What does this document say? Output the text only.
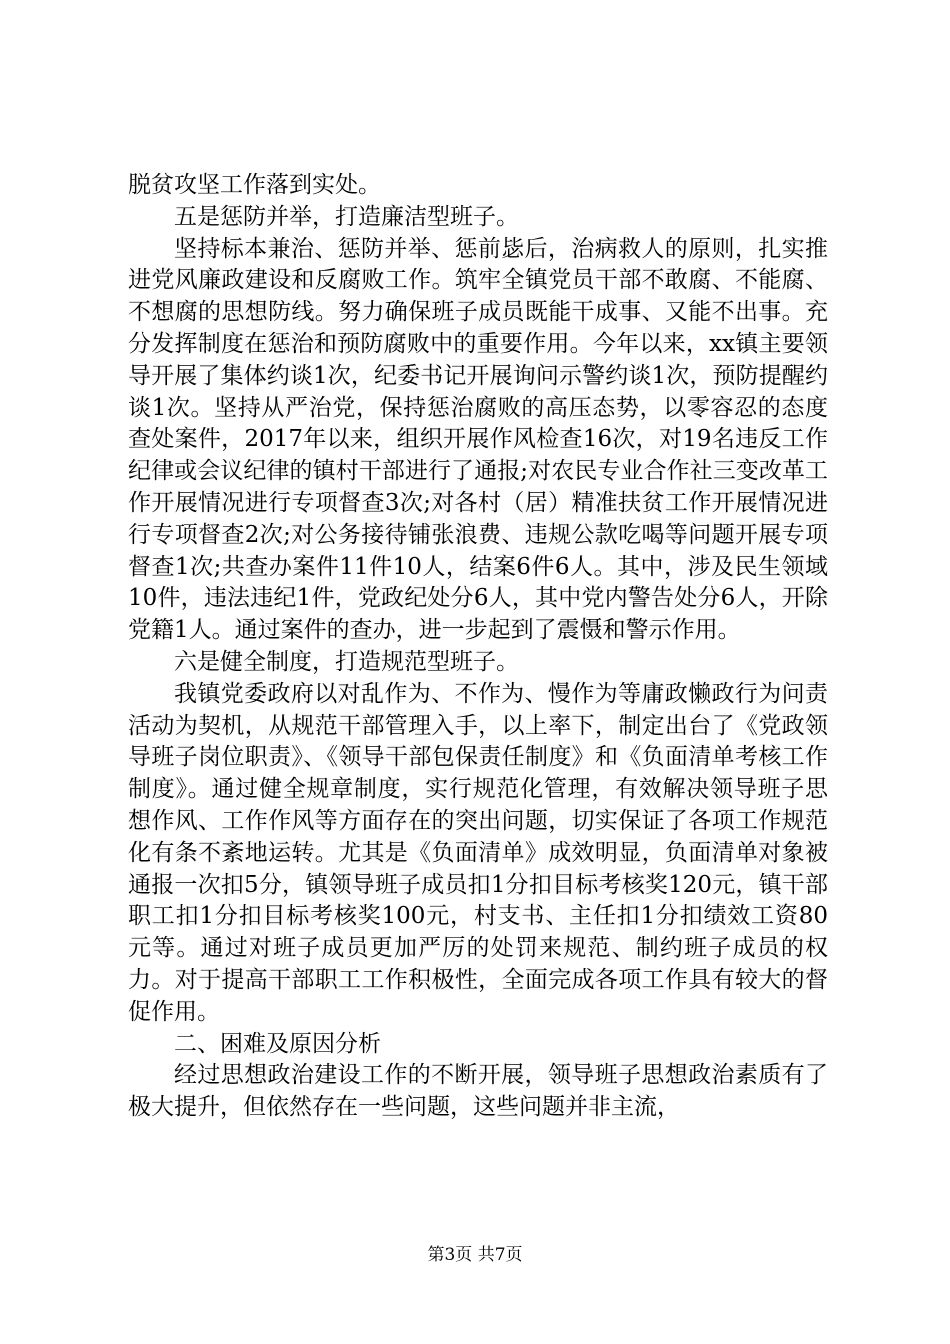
脱贫攻坚工作落到实处。

五是惩防并举，打造廉洁型班子。

坚持标本兼治、惩防并举、惩前毖后，治病救人的原则，扎实推进党风廉政建设和反腐败工作。筑牢全镇党员干部不敢腐、不能腐、不想腐的思想防线。努力确保班子成员既能干成事、又能不出事。充分发挥制度在惩治和预防腐败中的重要作用。今年以来，xx镇主要领导开展了集体约谈1次，纪委书记开展询问示警约谈1次，预防提醒约谈1次。坚持从严治党，保持惩治腐败的高压态势，以零容忍的态度查处案件，2017年以来，组织开展作风检查16次，对19名违反工作纪律或会议纪律的镇村干部进行了通报;对农民专业合作社三变改革工作开展情况进行专项督查3次;对各村（居）精准扶贫工作开展情况进行专项督查2次;对公务接待铺张浪费、违规公款吃喝等问题开展专项督查1次;共查办案件11件10人，结案6件6人。其中，涉及民生领域10件，违法违纪1件，党政纪处分6人，其中党内警告处分6人，开除党籍1人。通过案件的查办，进一步起到了震慑和警示作用。

六是健全制度，打造规范型班子。

我镇党委政府以对乱作为、不作为、慢作为等庸政懒政行为问责活动为契机，从规范干部管理入手，以上率下，制定出台了《党政领导班子岗位职责》、《领导干部包保责任制度》和《负面清单考核工作制度》。通过健全规章制度，实行规范化管理，有效解决领导班子思想作风、工作作风等方面存在的突出问题，切实保证了各项工作规范化有条不紊地运转。尤其是《负面清单》成效明显，负面清单对象被通报一次扣5分，镇领导班子成员扣1分扣目标考核奖120元，镇干部职工扣1分扣目标考核奖100元，村支书、主任扣1分扣绩效工资80元等。通过对班子成员更加严厉的处罚来规范、制约班子成员的权力。对于提高干部职工工作积极性，全面完成各项工作具有较大的督促作用。

二、困难及原因分析

经过思想政治建设工作的不断开展，领导班子思想政治素质有了极大提升，但依然存在一些问题，这些问题并非主流，

第3页 共7页
